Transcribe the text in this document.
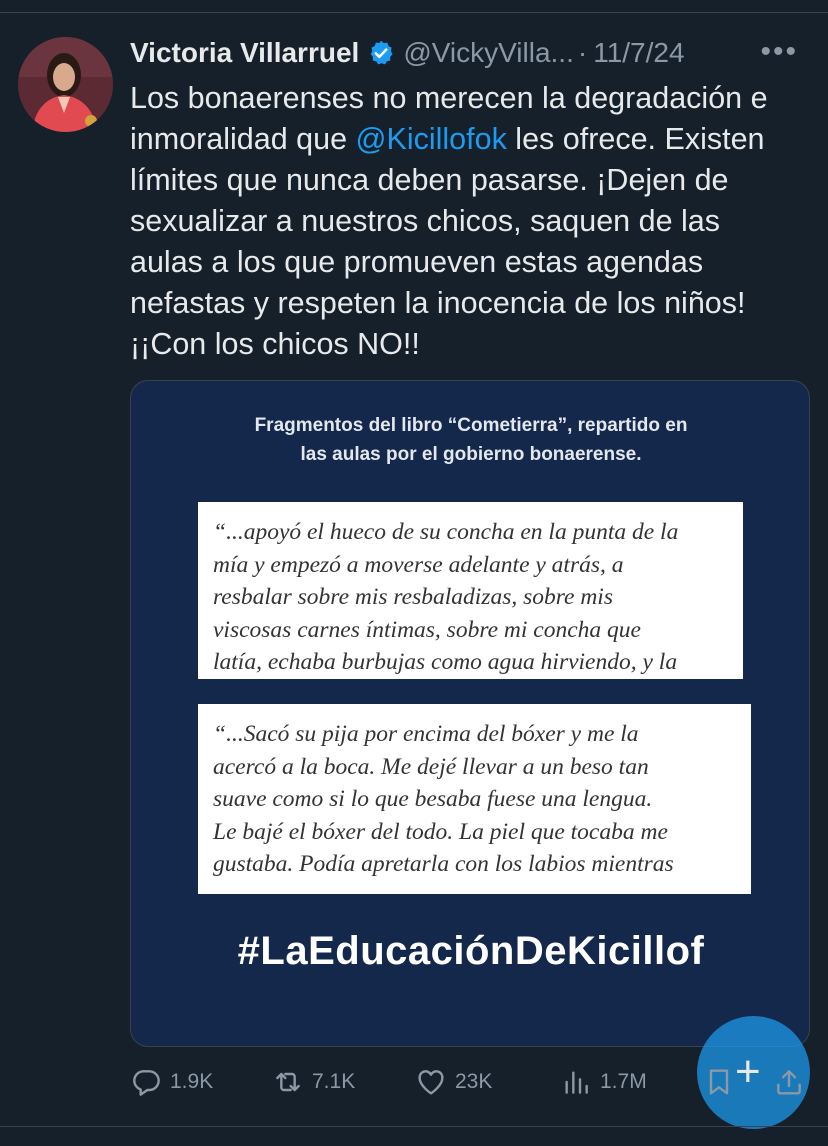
Victoria Villarruel @VickyVilla... · 11/7/24	•••
Los bonaerenses no merecen la degradación e
inmoralidad que @Kicillofok les ofrece. Existen
límites que nunca deben pasarse. ¡Dejen de
sexualizar a nuestros chicos, saquen de las
aulas a los que promueven estas agendas
nefastas y respeten la inocencia de los niños!
¡¡Con los chicos NO!!
Fragmentos del libro “Cometierra”, repartido en
las aulas por el gobierno bonaerense.
“...apoyó el hueco de su concha en la punta de la
mía y empezó a moverse adelante y atrás, a
resbalar sobre mis resbaladizas, sobre mis
viscosas carnes íntimas, sobre mi concha que
latía, echaba burbujas como agua hirviendo, y la
“...Sacó su pija por encima del bóxer y me la
acercó a la boca. Me dejé llevar a un beso tan
suave como si lo que besaba fuese una lengua.
Le bajé el bóxer del todo. La piel que tocaba me
gustaba. Podía apretarla con los labios mientras
#LaEducaciónDeKicillof
1.9K	7.1K	23K	1.7M +
